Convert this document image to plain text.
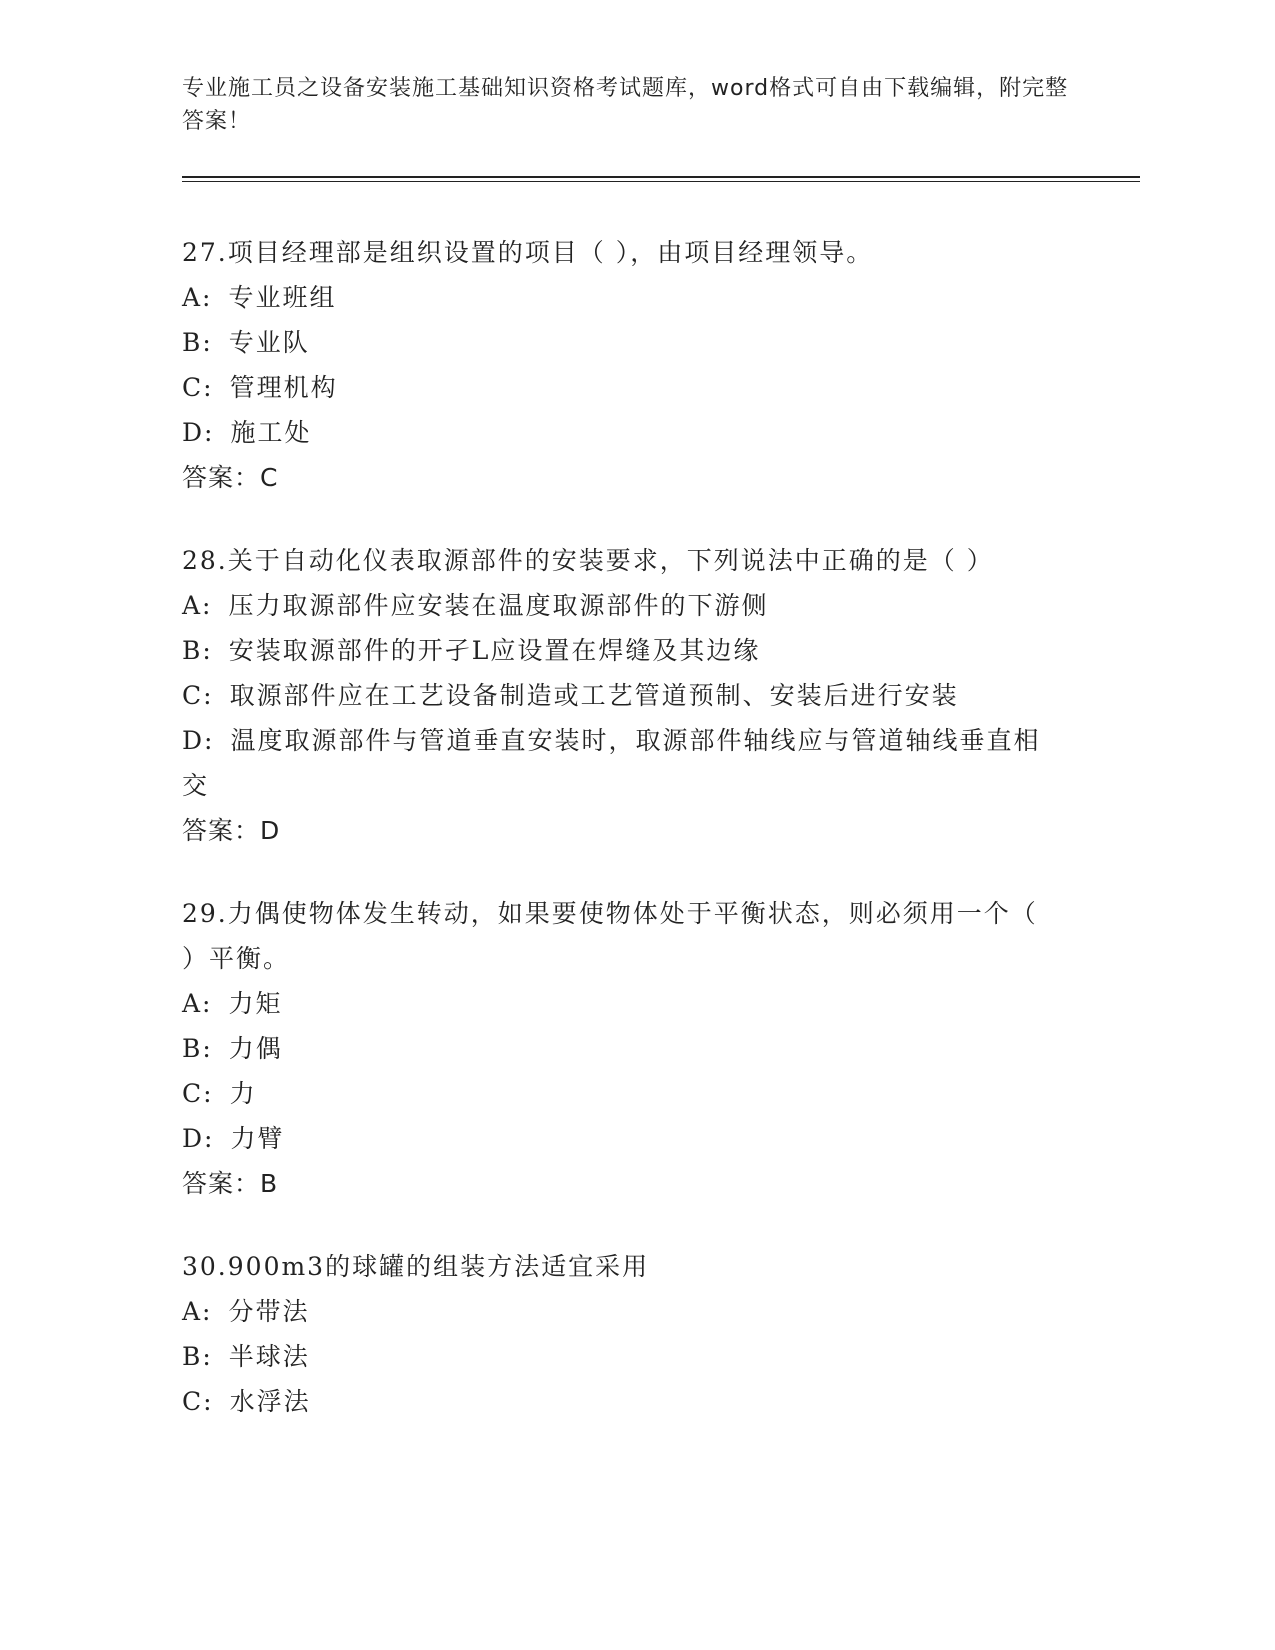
专业施工员之设备安装施工基础知识资格考试题库，word格式可自由下载编辑，附完整答案！
27.项目经理部是组织设置的项目（ ），由项目经理领导。
A: 专业班组
B: 专业队
C: 管理机构
D: 施工处
答案：C
28.关于自动化仪表取源部件的安装要求，下列说法中正确的是（ ）
A: 压力取源部件应安装在温度取源部件的下游侧
B: 安装取源部件的开孑L应设置在焊缝及其边缘
C: 取源部件应在工艺设备制造或工艺管道预制、安装后进行安装
D: 温度取源部件与管道垂直安装时，取源部件轴线应与管道轴线垂直相交
答案：D
29.力偶使物体发生转动，如果要使物体处于平衡状态，则必须用一个（ ）平衡。
A: 力矩
B: 力偶
C: 力
D: 力臂
答案：B
30.900m3的球罐的组装方法适宜采用
A: 分带法
B: 半球法
C: 水浮法
